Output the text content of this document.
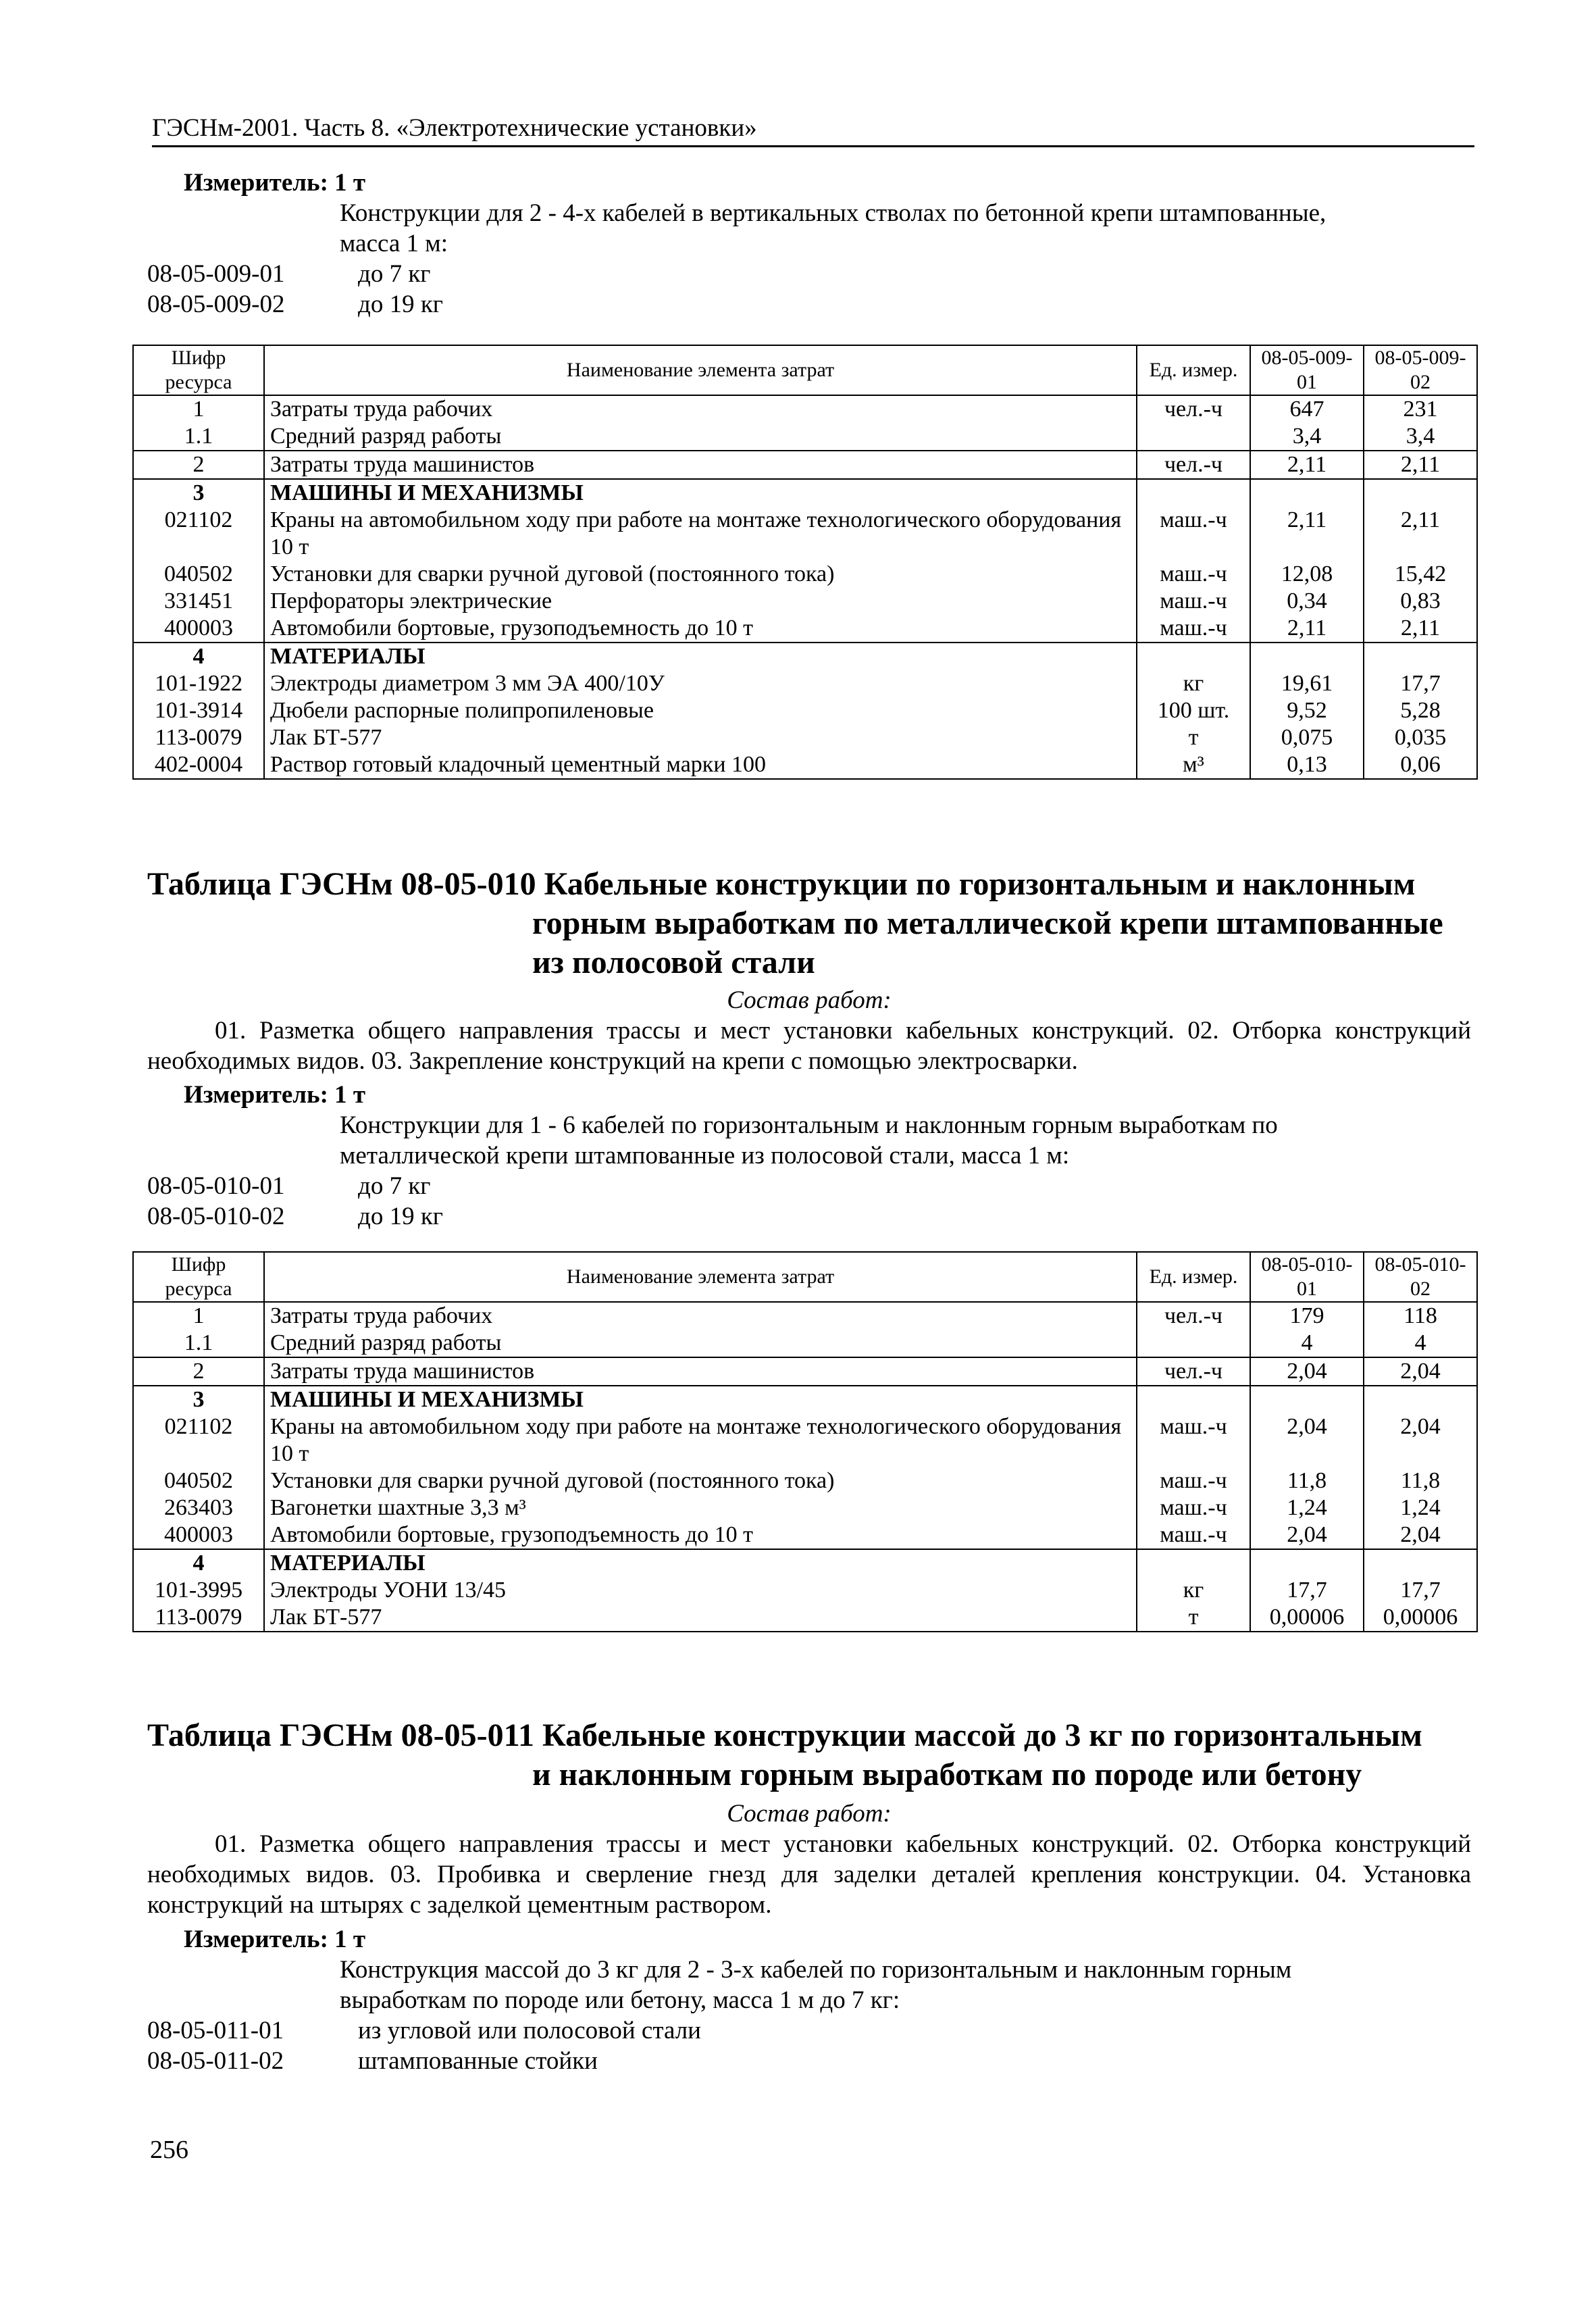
ГЭСНм-2001. Часть 8. «Электротехнические установки»
Измеритель: 1 т
Конструкции для 2 - 4-х кабелей в вертикальных стволах по бетонной крепи штампованные,
масса 1 м:
08-05-009-01	до 7 кг
08-05-009-02	до 19 кг
Шифр ресурса	Наименование элемента затрат	Ед. измер.	08-05-009-01	08-05-009-02
1	Затраты труда рабочих	чел.-ч	647	231
1.1	Средний разряд работы		3,4	3,4
2	Затраты труда машинистов	чел.-ч	2,11	2,11
3	МАШИНЫ И МЕХАНИЗМЫ			
021102	Краны на автомобильном ходу при работе на монтаже технологического оборудования 10 т	маш.-ч	2,11	2,11
040502	Установки для сварки ручной дуговой (постоянного тока)	маш.-ч	12,08	15,42
331451	Перфораторы электрические	маш.-ч	0,34	0,83
400003	Автомобили бортовые, грузоподъемность до 10 т	маш.-ч	2,11	2,11
4	МАТЕРИАЛЫ			
101-1922	Электроды диаметром 3 мм ЭА 400/10У	кг	19,61	17,7
101-3914	Дюбели распорные полипропиленовые	100 шт.	9,52	5,28
113-0079	Лак БТ-577	т	0,075	0,035
402-0004	Раствор готовый кладочный цементный марки 100	м³	0,13	0,06
Таблица ГЭСНм 08-05-010 Кабельные конструкции по горизонтальным и наклонным
горным выработкам по металлической крепи штампованные
из полосовой стали
Состав работ:
01. Разметка общего направления трассы и мест установки кабельных конструкций. 02. Отборка конструкций необходимых видов. 03. Закрепление конструкций на крепи с помощью электросварки.
Измеритель: 1 т
Конструкции для 1 - 6 кабелей по горизонтальным и наклонным горным выработкам по
металлической крепи штампованные из полосовой стали, масса 1 м:
08-05-010-01	до 7 кг
08-05-010-02	до 19 кг
Шифр ресурса	Наименование элемента затрат	Ед. измер.	08-05-010-01	08-05-010-02
1	Затраты труда рабочих	чел.-ч	179	118
1.1	Средний разряд работы		4	4
2	Затраты труда машинистов	чел.-ч	2,04	2,04
3	МАШИНЫ И МЕХАНИЗМЫ			
021102	Краны на автомобильном ходу при работе на монтаже технологического оборудования 10 т	маш.-ч	2,04	2,04
040502	Установки для сварки ручной дуговой (постоянного тока)	маш.-ч	11,8	11,8
263403	Вагонетки шахтные 3,3 м³	маш.-ч	1,24	1,24
400003	Автомобили бортовые, грузоподъемность до 10 т	маш.-ч	2,04	2,04
4	МАТЕРИАЛЫ			
101-3995	Электроды УОНИ 13/45	кг	17,7	17,7
113-0079	Лак БТ-577	т	0,00006	0,00006
Таблица ГЭСНм 08-05-011 Кабельные конструкции массой до 3 кг по горизонтальным
и наклонным горным выработкам по породе или бетону
Состав работ:
01. Разметка общего направления трассы и мест установки кабельных конструкций. 02. Отборка конструкций необходимых видов. 03. Пробивка и сверление гнезд для заделки деталей крепления конструкции. 04. Установка конструкций на штырях с заделкой цементным раствором.
Измеритель: 1 т
Конструкция массой до 3 кг для 2 - 3-х кабелей по горизонтальным и наклонным горным
выработкам по породе или бетону, масса 1 м до 7 кг:
08-05-011-01	из угловой или полосовой стали
08-05-011-02	штампованные стойки
256
